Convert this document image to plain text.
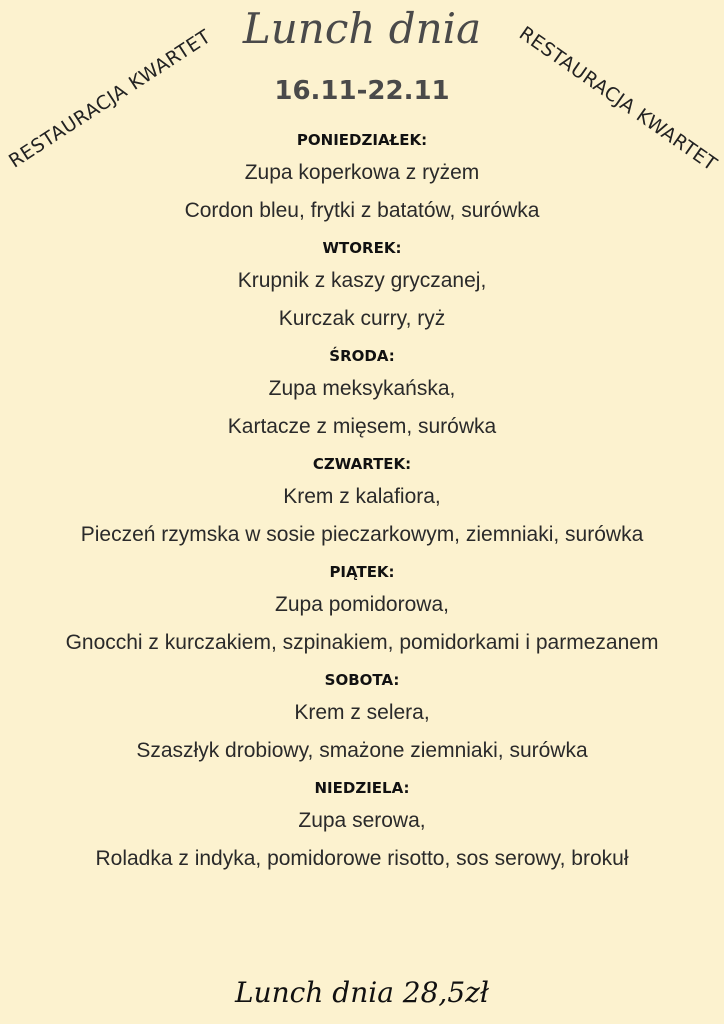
RESTAURACJA KWARTET	RESTAURACJA KWARTET
Lunch dnia
16.11-22.11
PONIEDZIAŁEK:
Zupa koperkowa z ryżem
Cordon bleu, frytki z batatów, surówka
WTOREK:
Krupnik z kaszy gryczanej,
Kurczak curry, ryż
ŚRODA:
Zupa meksykańska,
Kartacze z mięsem, surówka
CZWARTEK:
Krem z kalafiora,
Pieczeń rzymska w sosie pieczarkowym, ziemniaki, surówka
PIĄTEK:
Zupa pomidorowa,
Gnocchi z kurczakiem, szpinakiem, pomidorkami i parmezanem
SOBOTA:
Krem z selera,
Szaszłyk drobiowy, smażone ziemniaki, surówka
NIEDZIELA:
Zupa serowa,
Roladka z indyka, pomidorowe risotto, sos serowy, brokuł
Lunch dnia 28,5zł
